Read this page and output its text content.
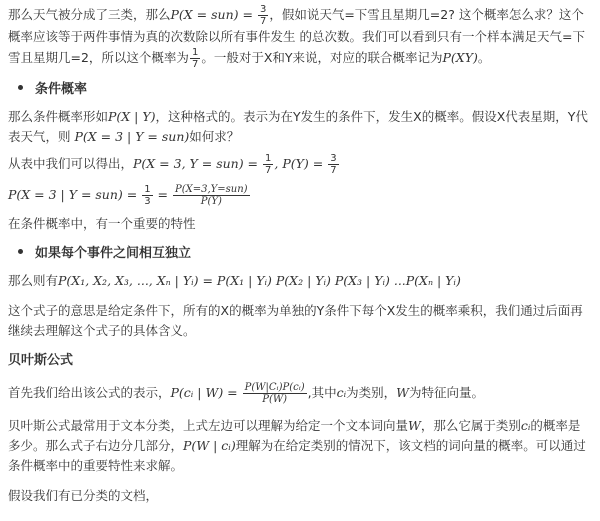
那么天气被分成了三类，那么$P(X = sun) = \frac{3}{7}$ ，假如说天气=下雪且星期几=2? 这个概率怎么求？这个概率应该等于两件事情为真的次数除以所有事件发生 的总次数。我们可以看到只有一个样本满足天气=下雪且星期几=2，所以这个概率为 $\frac{1}{7}$ 。一般对于X和Y来说，对应的联合概率记为P(XY)。

条件概率

那么条件概率形如P(X | Y)，这种格式的。表示为在Y发生的条件下，发生X的概率。假设X代表星期，Y代表天气，则 P(X = 3 | Y = sun)如何求？

从表中我们可以得出，P(X = 3, $Y = sun) = \frac{1}{7}$ , $P(Y) = \frac{3}{7}$

P(X = 3 | $Y = sun) = \frac{1}{3} = \frac{\text{P(X=3,Y=sun)}}{P(Y)}$

在条件概率中，有一个重要的特性

如果每个事件之间相互独立

那么则有P(X₁, X₂, X₃, ..., Xₙ | Yᵢ) = P(X₁ | Yᵢ) P(X₂ | Yᵢ) P(X₃ | Yᵢ) ...P(Xₙ | Yᵢ)

这个式子的意思是给定条件下，所有的X的概率为单独的Y条件下每个X发生的概率乘积，我们通过后面再继续去理解这个式子的具体含义。

贝叶斯公式

首先我们给出该公式的表示，P(cᵢ | $W) = \frac{\text{P(W|Cᵢ)P(cᵢ)}}{P(W)}$ ,其中cᵢ为类别，W为特征向量。

贝叶斯公式最常用于文本分类，上式左边可以理解为给定一个文本词向量W，那么它属于类别cᵢ的概率是多少。那么式子右边分几部分，P(W | cᵢ)理解为在给定类别的情况下，该文档的词向量的概率。可以通过条件概率中的重要特性来求解。

假设我们有已分类的文档，
